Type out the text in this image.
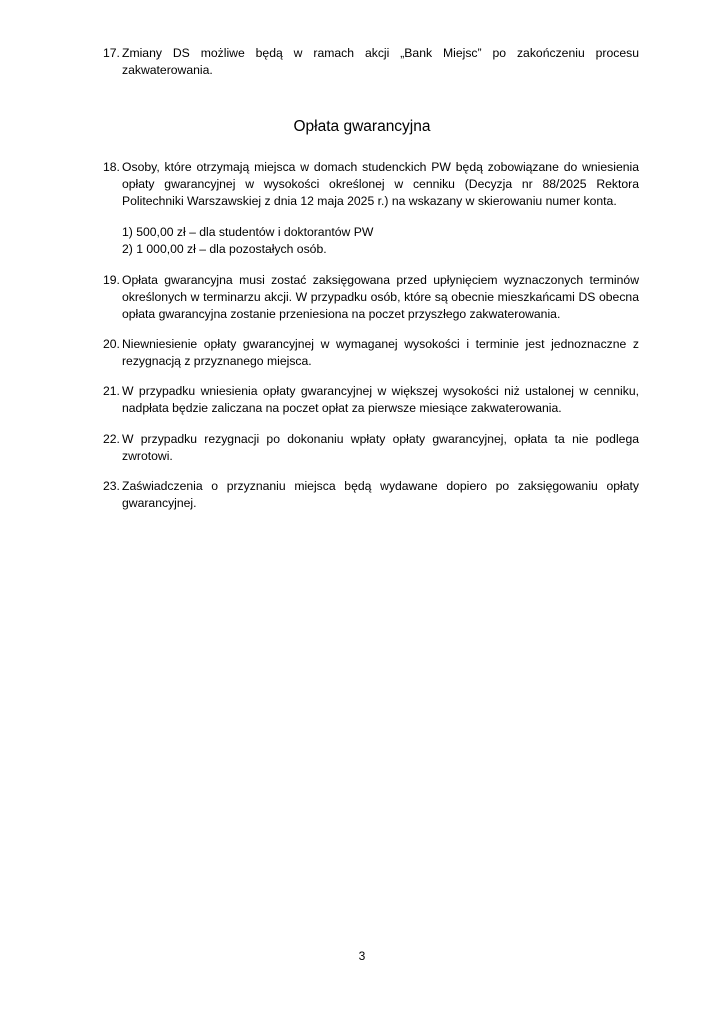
17. Zmiany DS możliwe będą w ramach akcji „Bank Miejsc” po zakończeniu procesu zakwaterowania.
Opłata gwarancyjna
18. Osoby, które otrzymają miejsca w domach studenckich PW będą zobowiązane do wniesienia opłaty gwarancyjnej w wysokości określonej w cenniku (Decyzja nr 88/2025 Rektora Politechniki Warszawskiej z dnia 12 maja 2025 r.) na wskazany w skierowaniu numer konta.
1) 500,00 zł – dla studentów i doktorantów PW
2) 1 000,00 zł – dla pozostałych osób.
19. Opłata gwarancyjna musi zostać zaksięgowana przed upłynięciem wyznaczonych terminów określonych w terminarzu akcji. W przypadku osób, które są obecnie mieszkańcami DS obecna opłata gwarancyjna zostanie przeniesiona na poczet przyszłego zakwaterowania.
20. Niewniesienie opłaty gwarancyjnej w wymaganej wysokości i terminie jest jednoznaczne z rezygnacją z przyznanego miejsca.
21. W przypadku wniesienia opłaty gwarancyjnej w większej wysokości niż ustalonej w cenniku, nadpłata będzie zaliczana na poczet opłat za pierwsze miesiące zakwaterowania.
22. W przypadku rezygnacji po dokonaniu wpłaty opłaty gwarancyjnej, opłata ta nie podlega zwrotowi.
23. Zaświadczenia o przyznaniu miejsca będą wydawane dopiero po zaksięgowaniu opłaty gwarancyjnej.
3
